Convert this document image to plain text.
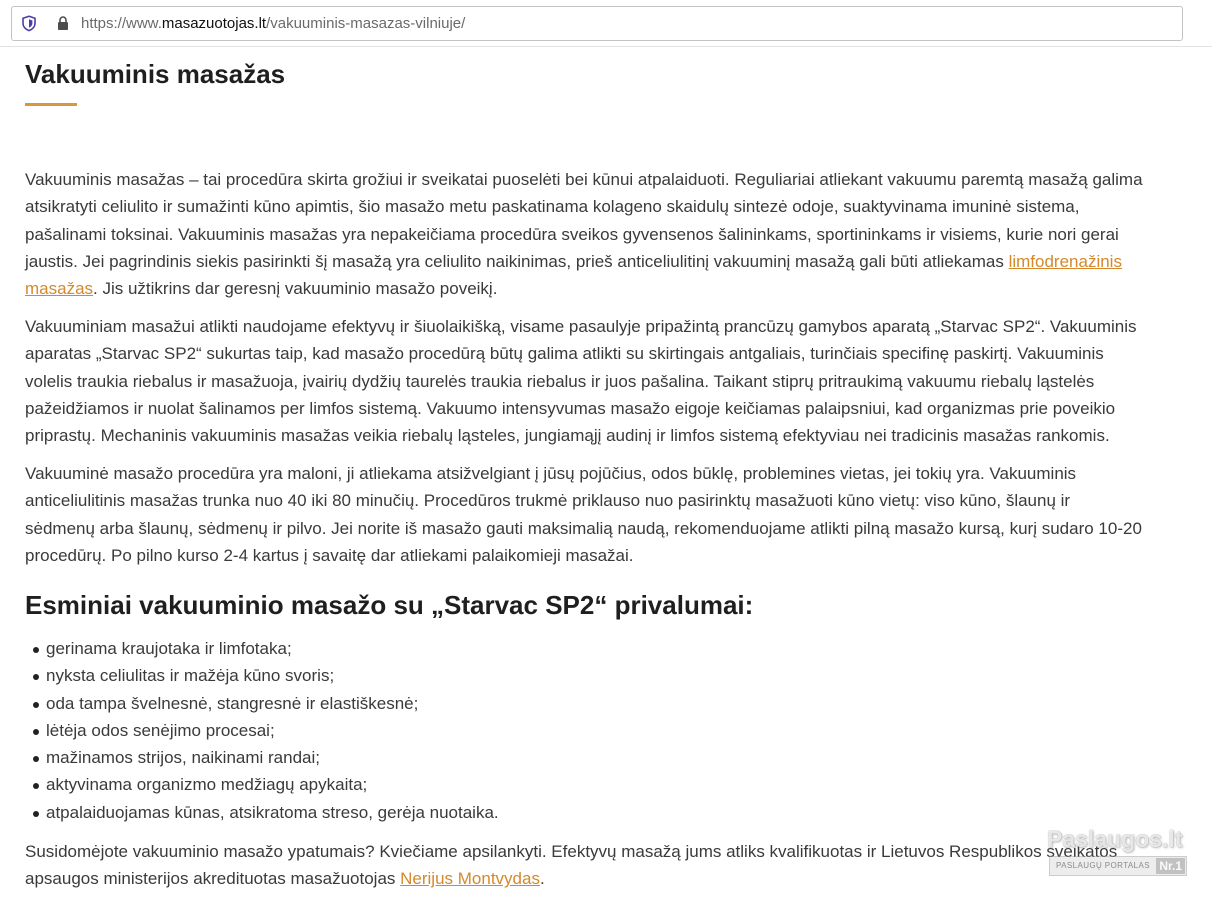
https://www.masazuotojas.lt/vakuuminis-masazas-vilniuje/
Vakuuminis masažas

Vakuuminis masažas – tai procedūra skirta grožiui ir sveikatai puoselėti bei kūnui atpalaiduoti. Reguliariai atliekant vakuumu paremtą masažą galima
atsikratyti celiulito ir sumažinti kūno apimtis, šio masažo metu paskatinama kolageno skaidulų sintezė odoje, suaktyvinama imuninė sistema,
pašalinami toksinai. Vakuuminis masažas yra nepakeičiama procedūra sveikos gyvensenos šalininkams, sportininkams ir visiems, kurie nori gerai
jaustis. Jei pagrindinis siekis pasirinkti šį masažą yra celiulito naikinimas, prieš anticeliulitinį vakuuminį masažą gali būti atliekamas limfodrenažinis
masažas. Jis užtikrins dar geresnį vakuuminio masažo poveikį.

Vakuuminiam masažui atlikti naudojame efektyvų ir šiuolaikišką, visame pasaulyje pripažintą prancūzų gamybos aparatą „Starvac SP2“. Vakuuminis
aparatas „Starvac SP2“ sukurtas taip, kad masažo procedūrą būtų galima atlikti su skirtingais antgaliais, turinčiais specifinę paskirtį. Vakuuminis
volelis traukia riebalus ir masažuoja, įvairių dydžių taurelės traukia riebalus ir juos pašalina. Taikant stiprų pritraukimą vakuumu riebalų ląstelės
pažeidžiamos ir nuolat šalinamos per limfos sistemą. Vakuumo intensyvumas masažo eigoje keičiamas palaipsniui, kad organizmas prie poveikio
priprastų. Mechaninis vakuuminis masažas veikia riebalų ląsteles, jungiamąjį audinį ir limfos sistemą efektyviau nei tradicinis masažas rankomis.

Vakuuminė masažo procedūra yra maloni, ji atliekama atsižvelgiant į jūsų pojūčius, odos būklę, problemines vietas, jei tokių yra. Vakuuminis
anticeliulitinis masažas trunka nuo 40 iki 80 minučių. Procedūros trukmė priklauso nuo pasirinktų masažuoti kūno vietų: viso kūno, šlaunų ir
sėdmenų arba šlaunų, sėdmenų ir pilvo. Jei norite iš masažo gauti maksimalią naudą, rekomenduojame atlikti pilną masažo kursą, kurį sudaro 10-20
procedūrų. Po pilno kurso 2-4 kartus į savaitę dar atliekami palaikomieji masažai.

Esminiai vakuuminio masažo su „Starvac SP2“ privalumai:
gerinama kraujotaka ir limfotaka;
nyksta celiulitas ir mažėja kūno svoris;
oda tampa švelnesnė, stangresnė ir elastiškesnė;
lėtėja odos senėjimo procesai;
mažinamos strijos, naikinami randai;
aktyvinama organizmo medžiagų apykaita;
atpalaiduojamas kūnas, atsikratoma streso, gerėja nuotaika.

Susidomėjote vakuuminio masažo ypatumais? Kviečiame apsilankyti. Efektyvų masažą jums atliks kvalifikuotas ir Lietuvos Respublikos sveikatos
apsaugos ministerijos akredituotas masažuotojas Nerijus Montvydas.

Paslaugos.lt
PASLAUGŲ PORTALAS Nr.1
